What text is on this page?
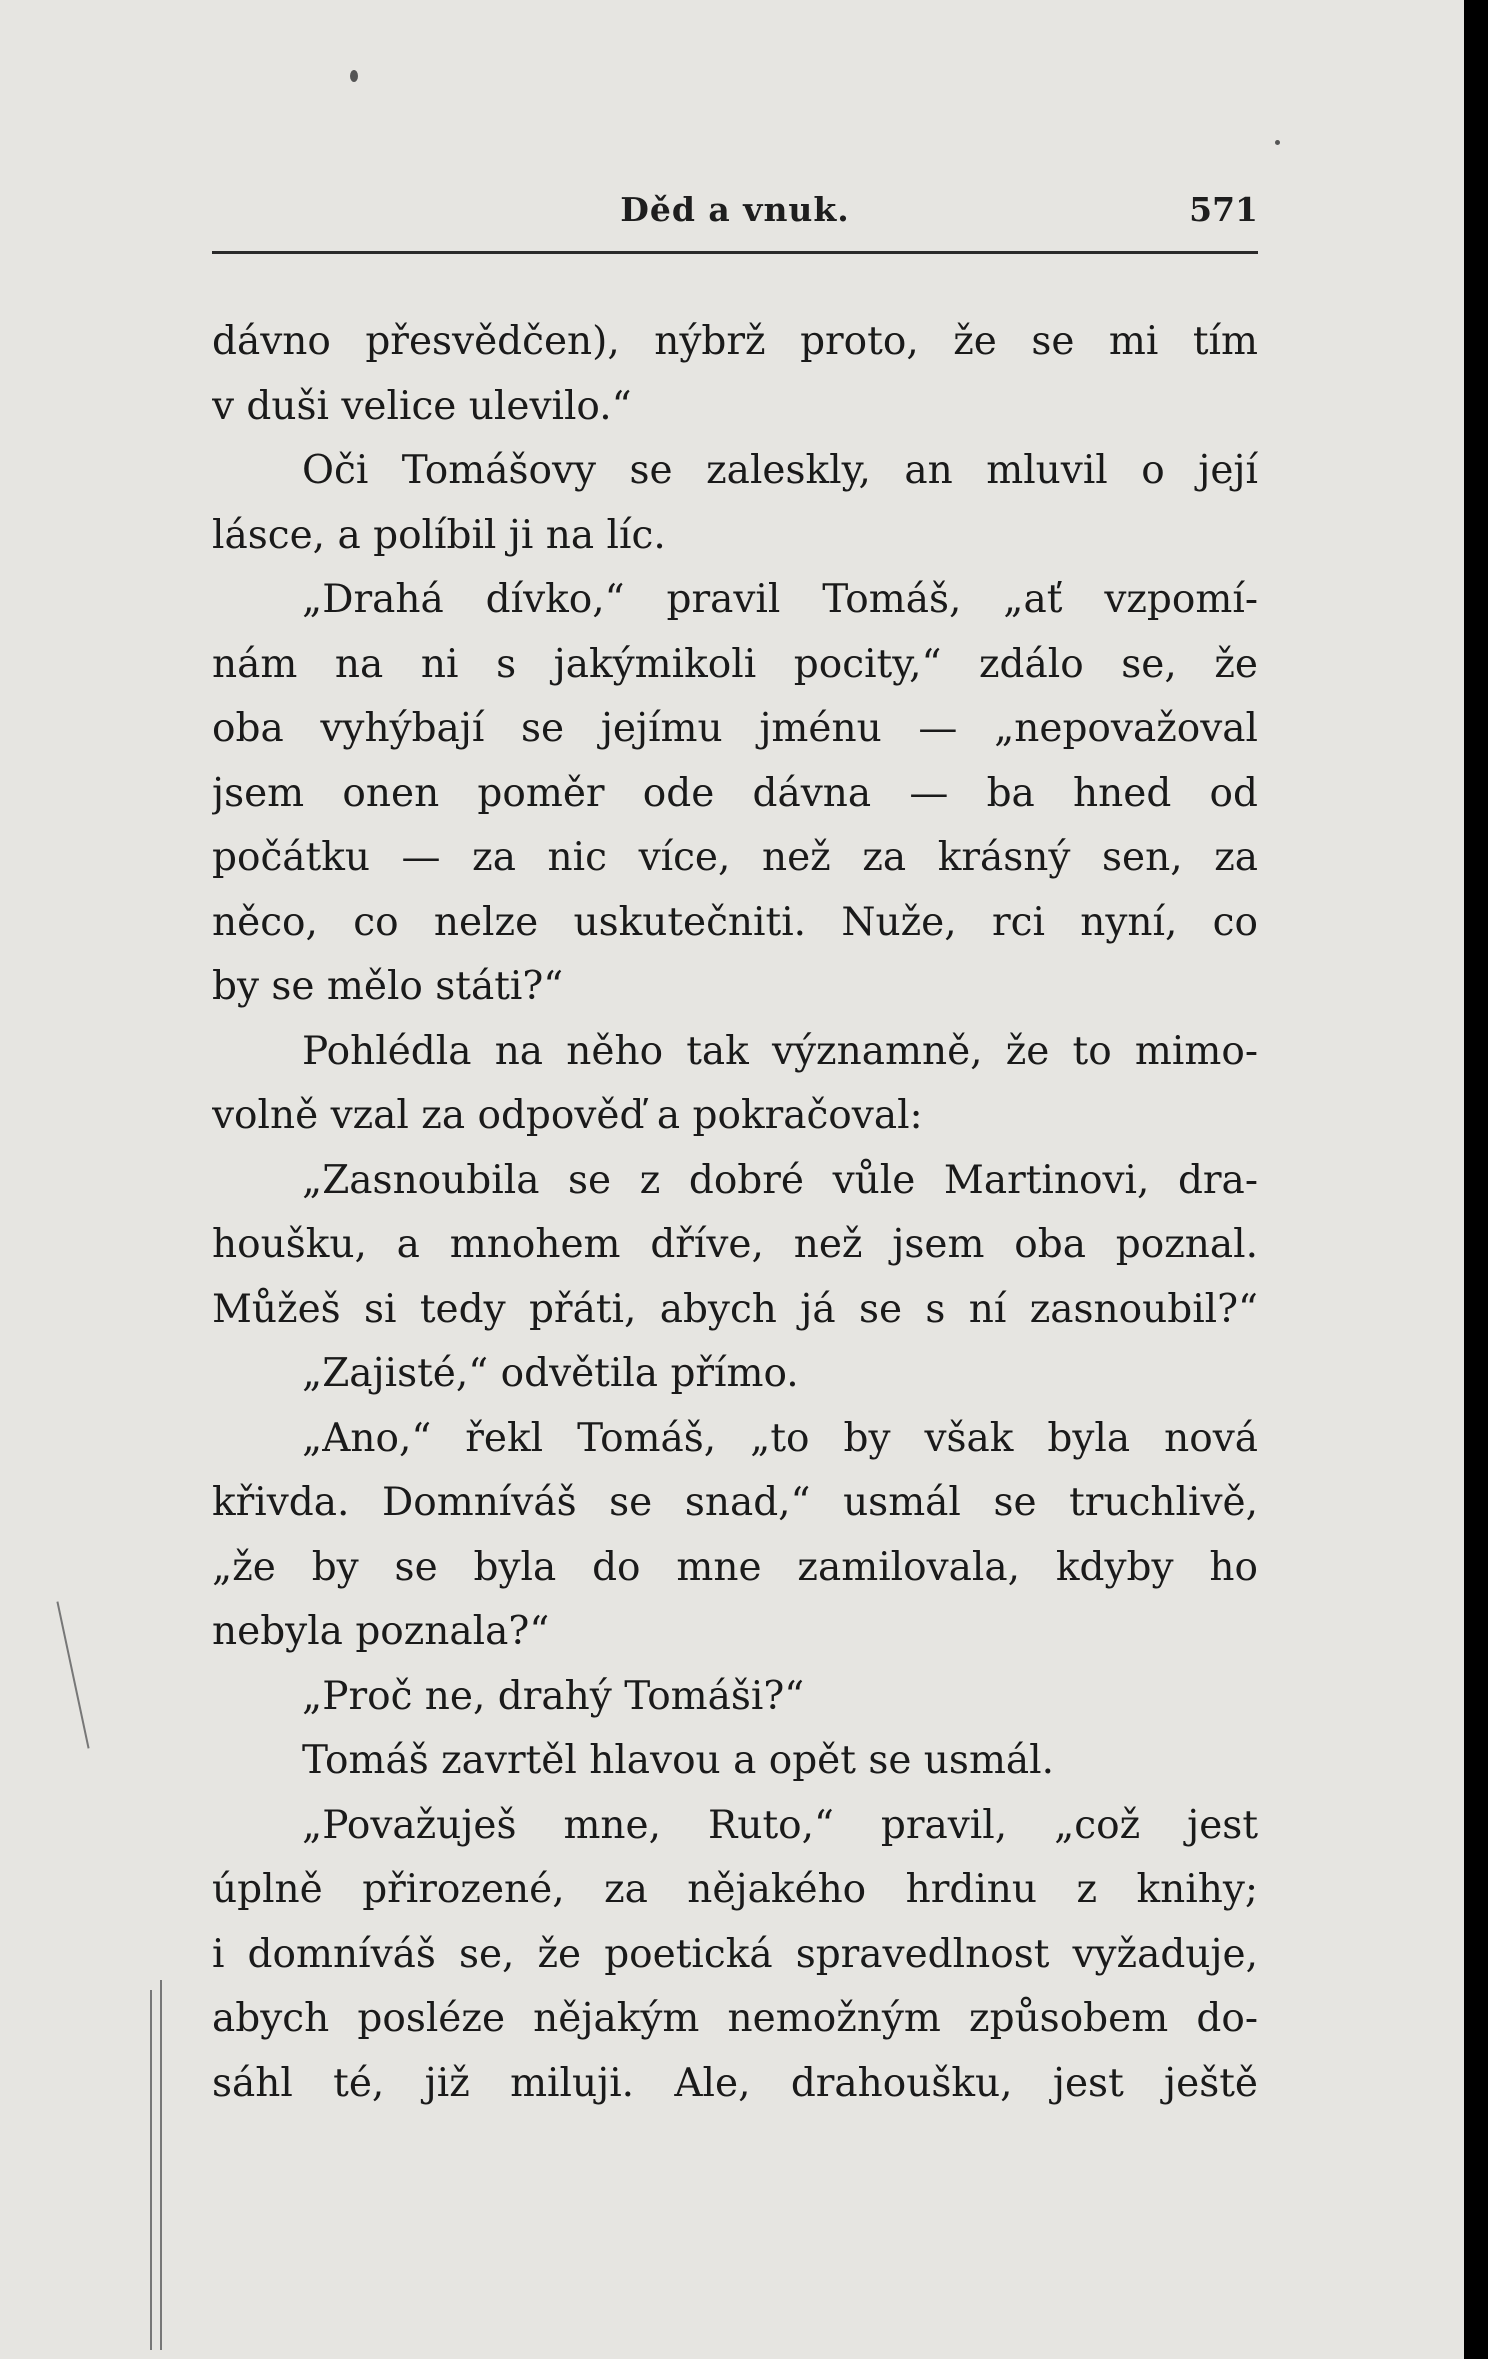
Děd a vnuk.	571
dávno přesvědčen), nýbrž proto, že se mi tím
v duši velice ulevilo.“
Oči Tomášovy se zaleskly, an mluvil o její
lásce, a políbil ji na líc.
„Drahá dívko,“ pravil Tomáš, „ať vzpomí-
nám na ni s jakýmikoli pocity,“ zdálo se, že
oba vyhýbají se jejímu jménu — „nepovažoval
jsem onen poměr ode dávna — ba hned od
počátku — za nic více, než za krásný sen, za
něco, co nelze uskutečniti. Nuže, rci nyní, co
by se mělo státi?“
Pohlédla na něho tak významně, že to mimo-
volně vzal za odpověď a pokračoval:
„Zasnoubila se z dobré vůle Martinovi, dra-
houšku, a mnohem dříve, než jsem oba poznal.
Můžeš si tedy přáti, abych já se s ní zasnoubil?“
„Zajisté,“ odvětila přímo.
„Ano,“ řekl Tomáš, „to by však byla nová
křivda. Domníváš se snad,“ usmál se truchlivě,
„že by se byla do mne zamilovala, kdyby ho
nebyla poznala?“
„Proč ne, drahý Tomáši?“
Tomáš zavrtěl hlavou a opět se usmál.
„Považuješ mne, Ruto,“ pravil, „což jest
úplně přirozené, za nějakého hrdinu z knihy;
i domníváš se, že poetická spravedlnost vyžaduje,
abych posléze nějakým nemožným způsobem do-
sáhl té, již miluji. Ale, drahoušku, jest ještě
